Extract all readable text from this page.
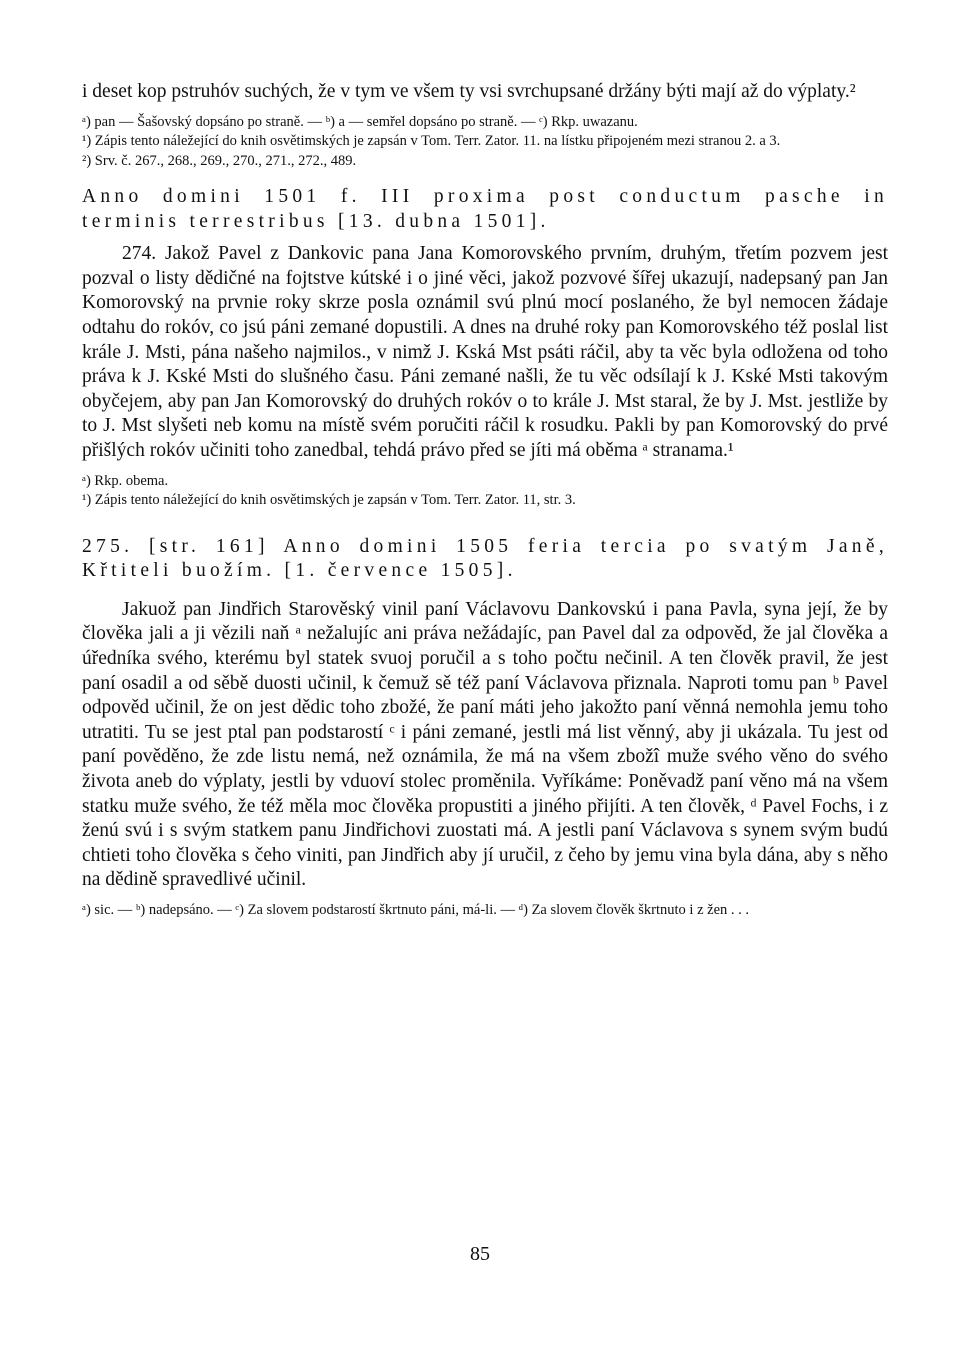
i deset kop pstruhóv suchých, že v tym ve všem ty vsi svrchupsané držány býti mají až do výplaty.²

ᵃ) pan — Šašovský dopsáno po straně. — ᵇ) a — semřel dopsáno po straně. — ᶜ) Rkp. uwazanu.

¹) Zápis tento náležející do knih osvětimských je zapsán v Tom. Terr. Zator. 11. na lístku připojeném mezi stranou 2. a 3.

²) Srv. č. 267., 268., 269., 270., 271., 272., 489.

Anno domini 1501 f. III proxima post conductum pasche in terminis terrestribus [13. dubna 1501].

274. Jakož Pavel z Dankovic pana Jana Komorovského prvním, druhým, třetím pozvem jest pozval o listy dědičné na fojtstve kútské i o jiné věci, jakož pozvové šířej ukazují, nadepsaný pan Jan Komorovský na prvnie roky skrze posla oznámil svú plnú mocí poslaného, že byl nemocen žádaje odtahu do rokóv, co jsú páni zemané dopustili. A dnes na druhé roky pan Komorovského též poslal list krále J. Msti, pána našeho najmilos., v nimž J. Kská Mst psáti ráčil, aby ta věc byla odložena od toho práva k J. Kské Msti do slušného času. Páni zemané našli, že tu věc odsílají k J. Kské Msti takovým obyčejem, aby pan Jan Komorovský do druhých rokóv o to krále J. Mst staral, že by J. Mst. jestliže by to J. Mst slyšeti neb komu na místě svém poručiti ráčil k rosudku. Pakli by pan Komorovský do prvé přišlých rokóv učiniti toho zanedbal, tehdá právo před se jíti má oběma ᵃ stranama.¹

ᵃ) Rkp. obema.

¹) Zápis tento náležející do knih osvětimských je zapsán v Tom. Terr. Zator. 11, str. 3.

275. [str. 161] Anno domini 1505 feria tercia po svatým Janě, Křtiteli buožím. [1. července 1505].

Jakuož pan Jindřich Starověský vinil paní Václavovu Dankovskú i pana Pavla, syna její, že by člověka jali a ji vězili naň ᵃ nežalujíc ani práva nežádajíc, pan Pavel dal za odpověd, že jal člověka a úředníka svého, kterému byl statek svuoj poručil a s toho počtu nečinil. A ten člověk pravil, že jest paní osadil a od sěbě duosti učinil, k čemuž sě též paní Václavova přiznala. Naproti tomu pan ᵇ Pavel odpověd učinil, že on jest dědic toho zbožé, že paní máti jeho jakožto paní věnná nemohla jemu toho utratiti. Tu se jest ptal pan podstarostí ᶜ i páni zemané, jestli má list věnný, aby ji ukázala. Tu jest od paní pověděno, že zde listu nemá, než oznámila, že má na všem zbožî muže svého věno do svého života aneb do výplaty, jestli by vduoví stolec proměnila. Vyříkáme: Poněvadž paní věno má na všem statku muže svého, že též měla moc člověka propustiti a jiného přijíti. A ten člověk, ᵈ Pavel Fochs, i z ženú svú i s svým statkem panu Jindřichovi zuostati má. A jestli paní Václavova s synem svým budú chtieti toho člověka s čeho viniti, pan Jindřich aby jí uručil, z čeho by jemu vina byla dána, aby s něho na dědině spravedlivé učinil.

ᵃ) sic. — ᵇ) nadepsáno. — ᶜ) Za slovem podstarostí škrtnuto páni, má-li. — ᵈ) Za slovem člověk škrtnuto i z žen . . .

85
